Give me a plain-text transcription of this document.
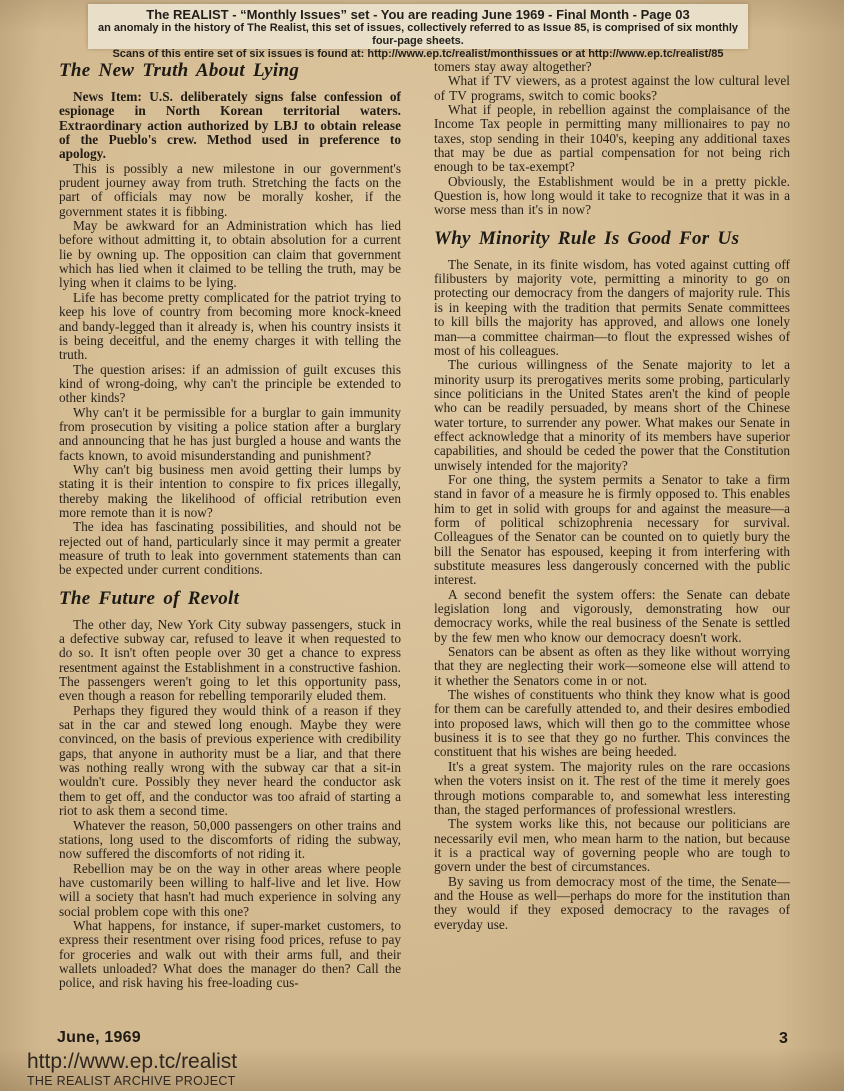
The REALIST - “Monthly Issues” set - You are reading June 1969 - Final Month - Page 03
an anomaly in the history of The Realist, this set of issues, collectively referred to as Issue 85, is comprised of six monthly four-page sheets.
Scans of this entire set of six issues is found at: http://www.ep.tc/realist/monthissues or at http://www.ep.tc/realist/85
The New Truth About Lying

News Item: U.S. deliberately signs false confession of espionage in North Korean territorial waters. Extraordinary action authorized by LBJ to obtain release of the Pueblo's crew. Method used in preference to apology.

This is possibly a new milestone in our government's prudent journey away from truth. Stretching the facts on the part of officials may now be morally kosher, if the government states it is fibbing.

May be awkward for an Administration which has lied before without admitting it, to obtain absolution for a current lie by owning up. The opposition can claim that government which has lied when it claimed to be telling the truth, may be lying when it claims to be lying.

Life has become pretty complicated for the patriot trying to keep his love of country from becoming more knock-kneed and bandy-legged than it already is, when his country insists it is being deceitful, and the enemy charges it with telling the truth.

The question arises: if an admission of guilt excuses this kind of wrong-doing, why can't the principle be extended to other kinds?

Why can't it be permissible for a burglar to gain immunity from prosecution by visiting a police station after a burglary and announcing that he has just burgled a house and wants the facts known, to avoid misunderstanding and punishment?

Why can't big business men avoid getting their lumps by stating it is their intention to conspire to fix prices illegally, thereby making the likelihood of official retribution even more remote than it is now?

The idea has fascinating possibilities, and should not be rejected out of hand, particularly since it may permit a greater measure of truth to leak into government statements than can be expected under current conditions.

The Future of Revolt

The other day, New York City subway passengers, stuck in a defective subway car, refused to leave it when requested to do so. It isn't often people over 30 get a chance to express resentment against the Establishment in a constructive fashion. The passengers weren't going to let this opportunity pass, even though a reason for rebelling temporarily eluded them.

Perhaps they figured they would think of a reason if they sat in the car and stewed long enough. Maybe they were convinced, on the basis of previous experience with credibility gaps, that anyone in authority must be a liar, and that there was nothing really wrong with the subway car that a sit-in wouldn't cure. Possibly they never heard the conductor ask them to get off, and the conductor was too afraid of starting a riot to ask them a second time.

Whatever the reason, 50,000 passengers on other trains and stations, long used to the discomforts of riding the subway, now suffered the discomforts of not riding it.

Rebellion may be on the way in other areas where people have customarily been willing to half-live and let live. How will a society that hasn't had much experience in solving any social problem cope with this one?

What happens, for instance, if super-market customers, to express their resentment over rising food prices, refuse to pay for groceries and walk out with their arms full, and their wallets unloaded? What does the manager do then? Call the police, and risk having his free-loading cus-

tomers stay away altogether?

What if TV viewers, as a protest against the low cultural level of TV programs, switch to comic books?

What if people, in rebellion against the complaisance of the Income Tax people in permitting many millionaires to pay no taxes, stop sending in their 1040's, keeping any additional taxes that may be due as partial compensation for not being rich enough to be tax-exempt?

Obviously, the Establishment would be in a pretty pickle. Question is, how long would it take to recognize that it was in a worse mess than it's in now?

Why Minority Rule Is Good For Us

The Senate, in its finite wisdom, has voted against cutting off filibusters by majority vote, permitting a minority to go on protecting our democracy from the dangers of majority rule. This is in keeping with the tradition that permits Senate committees to kill bills the majority has approved, and allows one lonely man—a committee chairman—to flout the expressed wishes of most of his colleagues.

The curious willingness of the Senate majority to let a minority usurp its prerogatives merits some probing, particularly since politicians in the United States aren't the kind of people who can be readily persuaded, by means short of the Chinese water torture, to surrender any power. What makes our Senate in effect acknowledge that a minority of its members have superior capabilities, and should be ceded the power that the Constitution unwisely intended for the majority?

For one thing, the system permits a Senator to take a firm stand in favor of a measure he is firmly opposed to. This enables him to get in solid with groups for and against the measure—a form of political schizophrenia necessary for survival. Colleagues of the Senator can be counted on to quietly bury the bill the Senator has espoused, keeping it from interfering with substitute measures less dangerously concerned with the public interest.

A second benefit the system offers: the Senate can debate legislation long and vigorously, demonstrating how our democracy works, while the real business of the Senate is settled by the few men who know our democracy doesn't work.

Senators can be absent as often as they like without worrying that they are neglecting their work—someone else will attend to it whether the Senators come in or not.

The wishes of constituents who think they know what is good for them can be carefully attended to, and their desires embodied into proposed laws, which will then go to the committee whose business it is to see that they go no further. This convinces the constituent that his wishes are being heeded.

It's a great system. The majority rules on the rare occasions when the voters insist on it. The rest of the time it merely goes through motions comparable to, and somewhat less interesting than, the staged performances of professional wrestlers.

The system works like this, not because our politicians are necessarily evil men, who mean harm to the nation, but because it is a practical way of governing people who are tough to govern under the best of circumstances.

By saving us from democracy most of the time, the Senate—and the House as well—perhaps do more for the institution than they would if they exposed democracy to the ravages of everyday use.

June, 1969	3
http://www.ep.tc/realist
THE REALIST ARCHIVE PROJECT
